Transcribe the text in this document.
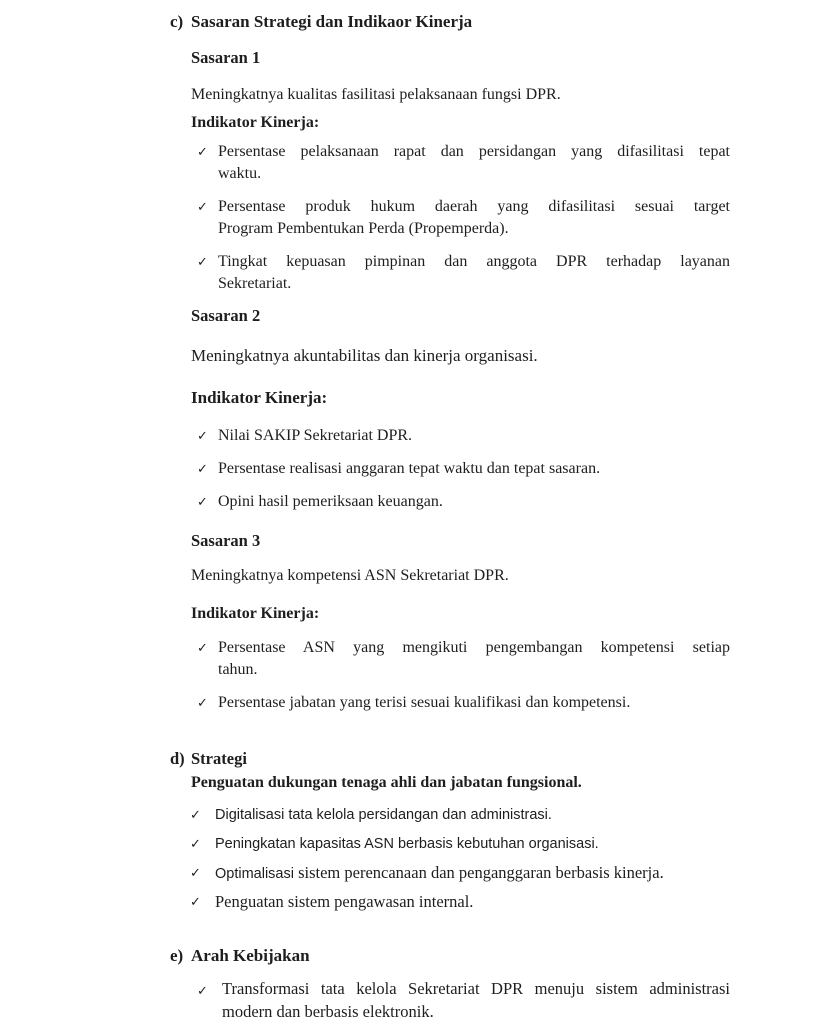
c) Sasaran Strategi dan Indikaor Kinerja
Sasaran 1
Meningkatnya kualitas fasilitasi pelaksanaan fungsi DPR.
Indikator Kinerja:
✓ Persentase pelaksanaan rapat dan persidangan yang difasilitasi tepat
waktu.
✓ Persentase produk hukum daerah yang difasilitasi sesuai target
Program Pembentukan Perda (Propemperda).
✓ Tingkat kepuasan pimpinan dan anggota DPR terhadap layanan
Sekretariat.
Sasaran 2
Meningkatnya akuntabilitas dan kinerja organisasi.
Indikator Kinerja:
✓ Nilai SAKIP Sekretariat DPR.
✓ Persentase realisasi anggaran tepat waktu dan tepat sasaran.
✓ Opini hasil pemeriksaan keuangan.
Sasaran 3
Meningkatnya kompetensi ASN Sekretariat DPR.
Indikator Kinerja:
✓ Persentase ASN yang mengikuti pengembangan kompetensi setiap
tahun.
✓ Persentase jabatan yang terisi sesuai kualifikasi dan kompetensi.
d) Strategi
Penguatan dukungan tenaga ahli dan jabatan fungsional.
✓ Digitalisasi tata kelola persidangan dan administrasi.
✓ Peningkatan kapasitas ASN berbasis kebutuhan organisasi.
✓ Optimalisasi sistem perencanaan dan penganggaran berbasis kinerja.
✓ Penguatan sistem pengawasan internal.
e) Arah Kebijakan
✓ Transformasi tata kelola Sekretariat DPR menuju sistem administrasi
modern dan berbasis elektronik.
